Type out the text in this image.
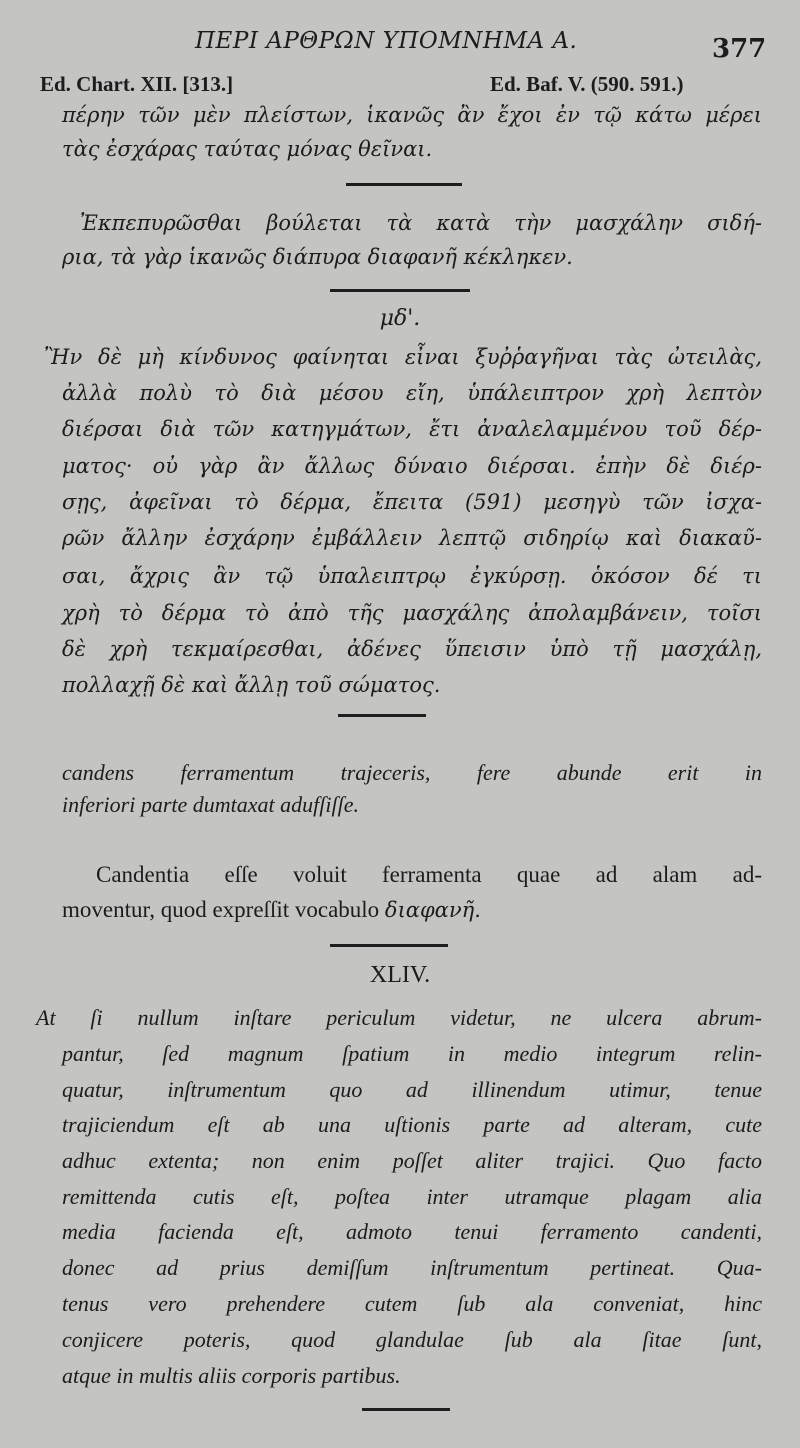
ΠΕΡΙ ΑΡΘΡΩΝ ΥΠΟΜΝΗΜΑ Α.	377
Ed. Chart. XII. [313.]	Ed. Baf. V. (590. 591.)
πέρην τῶν μὲν πλείστων, ἱκανῶς ἂν ἔχοι ἐν τῷ κάτω μέρει
τὰς ἐσχάρας ταύτας μόνας θεῖναι.
Ἐκπεπυρῶσθαι βούλεται τὰ κατὰ τὴν μασχάλην σιδή-
ρια, τὰ γὰρ ἱκανῶς διάπυρα διαφανῆ κέκληκεν.
μδ'.
Ἢν δὲ μὴ κίνδυνος φαίνηται εἶναι ξυῤῥαγῆναι τὰς ὠτειλὰς,
ἀλλὰ πολὺ τὸ διὰ μέσου εἴη, ὑπάλειπτρον χρὴ λεπτὸν
διέρσαι διὰ τῶν κατηγμάτων, ἔτι ἀναλελαμμένου τοῦ δέρ-
ματος· οὐ γὰρ ἂν ἄλλως δύναιο διέρσαι. ἐπὴν δὲ διέρ-
σῃς, ἀφεῖναι τὸ δέρμα, ἔπειτα (591) μεσηγὺ τῶν ἰσχα-
ρῶν ἄλλην ἐσχάρην ἐμβάλλειν λεπτῷ σιδηρίῳ καὶ διακαῦ-
σαι, ἄχρις ἂν τῷ ὑπαλειπτρῳ ἐγκύρσῃ. ὁκόσον δέ τι
χρὴ τὸ δέρμα τὸ ἀπὸ τῆς μασχάλης ἀπολαμβάνειν, τοῖσι
δὲ χρὴ τεκμαίρεσθαι, ἀδένες ὕπεισιν ὑπὸ τῇ μασχάλῃ,
πολλαχῇ δὲ καὶ ἄλλῃ τοῦ σώματος.
candens ferramentum trajeceris, fere abunde erit in
inferiori parte dumtaxat adufſiſſe.
Candentia eſſe voluit ferramenta quae ad alam ad-
moventur, quod expreſſit vocabulo διαφανῆ.
XLIV.
At ſi nullum inſtare periculum videtur, ne ulcera abrum-
pantur, ſed magnum ſpatium in medio integrum relin-
quatur, inſtrumentum quo ad illinendum utimur, tenue
trajiciendum eſt ab una uſtionis parte ad alteram, cute
adhuc extenta; non enim poſſet aliter trajici. Quo facto
remittenda cutis eſt, poſtea inter utramque plagam alia
media facienda eſt, admoto tenui ferramento candenti,
donec ad prius demiſſum inſtrumentum pertineat. Qua-
tenus vero prehendere cutem ſub ala conveniat, hinc
conjicere poteris, quod glandulae ſub ala ſitae ſunt,
atque in multis aliis corporis partibus.
